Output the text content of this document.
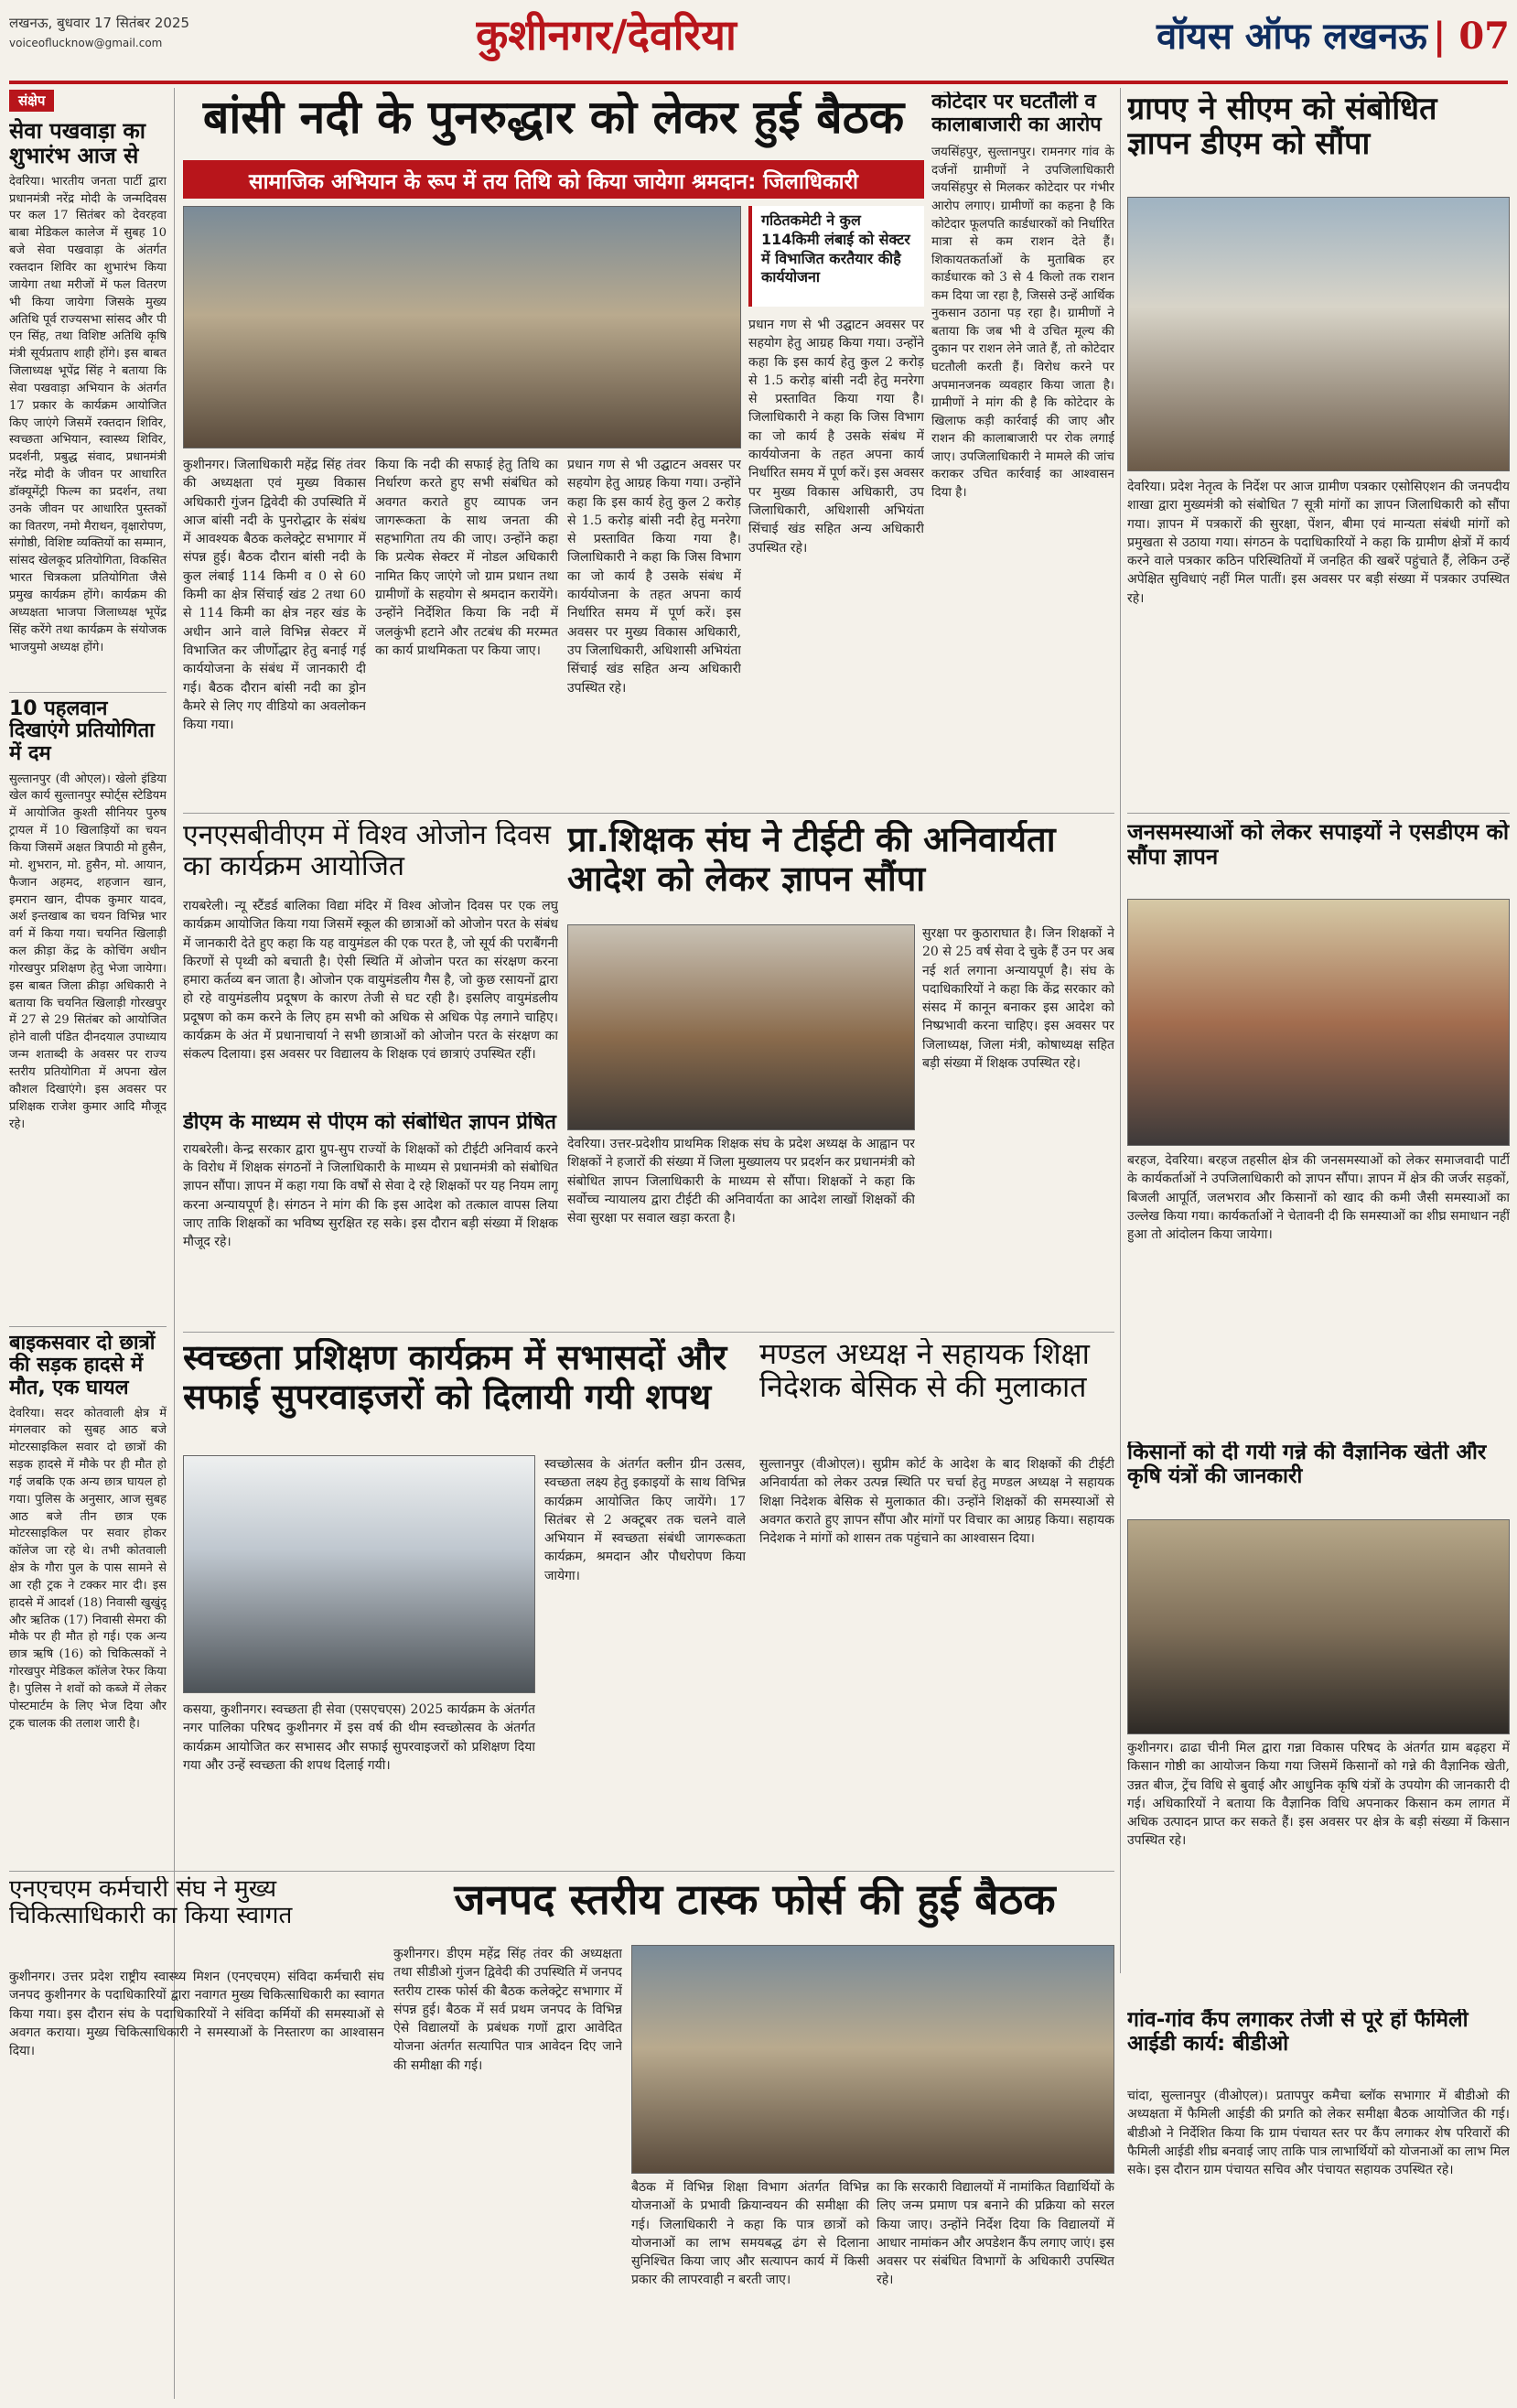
लखनऊ, बुधवार 17 सितंबर 2025
voiceoflucknow@gmail.com	कुशीनगर/देवरिया	वॉयस ऑफ लखनऊ | 07
संक्षेप
सेवा पखवाड़ा का शुभारंभ आज से
देवरिया। भारतीय जनता पार्टी द्वारा प्रधानमंत्री नरेंद्र मोदी के जन्मदिवस पर कल 17 सितंबर को देवरहवा बाबा मेडिकल कालेज में सुबह 10 बजे सेवा पखवाड़ा के अंतर्गत रक्तदान शिविर का शुभारंभ किया जायेगा तथा मरीजों में फल वितरण भी किया जायेगा जिसके मुख्य अतिथि पूर्व राज्यसभा सांसद और पी एन सिंह, तथा विशिष्ट अतिथि कृषि मंत्री सूर्यप्रताप शाही होंगे। इस बाबत जिलाध्यक्ष भूपेंद्र सिंह ने बताया कि सेवा पखवाड़ा अभियान के अंतर्गत 17 प्रकार के कार्यक्रम आयोजित किए जाएंगे जिसमें रक्तदान शिविर, स्वच्छता अभियान, स्वास्थ्य शिविर, प्रदर्शनी, प्रबुद्ध संवाद, प्रधानमंत्री नरेंद्र मोदी के जीवन पर आधारित डॉक्यूमेंट्री फिल्म का प्रदर्शन, तथा उनके जीवन पर आधारित पुस्तकों का वितरण, नमो मैराथन, वृक्षारोपण, संगोष्ठी, विशिष्ट व्यक्तियों का सम्मान, सांसद खेलकूद प्रतियोगिता, विकसित भारत चित्रकला प्रतियोगिता जैसे प्रमुख कार्यक्रम होंगे। कार्यक्रम की अध्यक्षता भाजपा जिलाध्यक्ष भूपेंद्र सिंह करेंगे तथा कार्यक्रम के संयोजक भाजयुमो अध्यक्ष होंगे।
10 पहलवान दिखाएंगे प्रतियोगिता में दम
सुल्तानपुर (वी ओएल)। खेलो इंडिया खेल कार्य सुल्तानपुर स्पोर्ट्स स्टेडियम में आयोजित कुश्ती सीनियर पुरुष ट्रायल में 10 खिलाड़ियों का चयन किया जिसमें अक्षत त्रिपाठी मो हुसैन, मो. शुभरान, मो. हुसैन, मो. आयान, फैजान अहमद, शहजान खान, इमरान खान, दीपक कुमार यादव, अर्श इन्तखाब का चयन विभिन्न भार वर्ग में किया गया। चयनित खिलाड़ी कल क्रीड़ा केंद्र के कोचिंग अधीन गोरखपुर प्रशिक्षण हेतु भेजा जायेगा। इस बाबत जिला क्रीड़ा अधिकारी ने बताया कि चयनित खिलाड़ी गोरखपुर में 27 से 29 सितंबर को आयोजित होने वाली पंडित दीनदयाल उपाध्याय जन्म शताब्दी के अवसर पर राज्य स्तरीय प्रतियोगिता में अपना खेल कौशल दिखाएंगे। इस अवसर पर प्रशिक्षक राजेश कुमार आदि मौजूद रहे।
बाइकसवार दो छात्रों की सड़क हादसे में मौत, एक घायल
देवरिया। सदर कोतवाली क्षेत्र में मंगलवार को सुबह आठ बजे मोटरसाइकिल सवार दो छात्रों की सड़क हादसे में मौके पर ही मौत हो गई जबकि एक अन्य छात्र घायल हो गया। पुलिस के अनुसार, आज सुबह आठ बजे तीन छात्र एक मोटरसाइकिल पर सवार होकर कॉलेज जा रहे थे। तभी कोतवाली क्षेत्र के गौरा पुल के पास सामने से आ रही ट्रक ने टक्कर मार दी। इस हादसे में आदर्श (18) निवासी खुखुंदू और ऋतिक (17) निवासी सेमरा की मौके पर ही मौत हो गई। एक अन्य छात्र ऋषि (16) को चिकित्सकों ने गोरखपुर मेडिकल कॉलेज रेफर किया है। पुलिस ने शवों को कब्जे में लेकर पोस्टमार्टम के लिए भेज दिया और ट्रक चालक की तलाश जारी है।
बांसी नदी के पुनरुद्धार को लेकर हुई बैठक
सामाजिक अभियान के रूप में तय तिथि को किया जायेगा श्रमदान: जिलाधिकारी
गठितकमेटी ने कुल 114किमी लंबाई को सेक्टर में विभाजित करतैयार कीहै कार्ययोजना
कुशीनगर। जिलाधिकारी महेंद्र सिंह तंवर की अध्यक्षता एवं मुख्य विकास अधिकारी गुंजन द्विवेदी की उपस्थिति में आज बांसी नदी के पुनरोद्धार के संबंध में आवश्यक बैठक कलेक्ट्रेट सभागार में संपन्न हुई। बैठक दौरान बांसी नदी के कुल लंबाई 114 किमी व 0 से 60 किमी का क्षेत्र सिंचाई खंड 2 तथा 60 से 114 किमी का क्षेत्र नहर खंड के अधीन आने वाले विभिन्न सेक्टर में विभाजित कर जीर्णोद्धार हेतु बनाई गई कार्ययोजना के संबंध में जानकारी दी गई। बैठक दौरान बांसी नदी का ड्रोन कैमरे से लिए गए वीडियो का अवलोकन किया गया।
किया कि नदी की सफाई हेतु तिथि का निर्धारण करते हुए सभी संबंधित को अवगत कराते हुए व्यापक जन जागरूकता के साथ जनता की सहभागिता तय की जाए। उन्होंने कहा कि प्रत्येक सेक्टर में नोडल अधिकारी नामित किए जाएंगे जो ग्राम प्रधान तथा ग्रामीणों के सहयोग से श्रमदान करायेंगे। उन्होंने निर्देशित किया कि नदी में जलकुंभी हटाने और तटबंध की मरम्मत का कार्य प्राथमिकता पर किया जाए।
प्रधान गण से भी उद्घाटन अवसर पर सहयोग हेतु आग्रह किया गया। उन्होंने कहा कि इस कार्य हेतु कुल 2 करोड़ से 1.5 करोड़ बांसी नदी हेतु मनरेगा से प्रस्तावित किया गया है। जिलाधिकारी ने कहा कि जिस विभाग का जो कार्य है उसके संबंध में कार्ययोजना के तहत अपना कार्य निर्धारित समय में पूर्ण करें। इस अवसर पर मुख्य विकास अधिकारी, उप जिलाधिकारी, अधिशासी अभियंता सिंचाई खंड सहित अन्य अधिकारी उपस्थित रहे।
कोटेदार पर घटतौली व कालाबाजारी का आरोप
जयसिंहपुर, सुल्तानपुर। रामनगर गांव के दर्जनों ग्रामीणों ने उपजिलाधिकारी जयसिंहपुर से मिलकर कोटेदार पर गंभीर आरोप लगाए। ग्रामीणों का कहना है कि कोटेदार फूलपति कार्डधारकों को निर्धारित मात्रा से कम राशन देते हैं। शिकायतकर्ताओं के मुताबिक हर कार्डधारक को 3 से 4 किलो तक राशन कम दिया जा रहा है, जिससे उन्हें आर्थिक नुकसान उठाना पड़ रहा है। ग्रामीणों ने बताया कि जब भी वे उचित मूल्य की दुकान पर राशन लेने जाते हैं, तो कोटेदार घटतौली करती हैं। विरोध करने पर अपमानजनक व्यवहार किया जाता है। ग्रामीणों ने मांग की है कि कोटेदार के खिलाफ कड़ी कार्रवाई की जाए और राशन की कालाबाजारी पर रोक लगाई जाए। उपजिलाधिकारी ने मामले की जांच कराकर उचित कार्रवाई का आश्वासन दिया है।
प्रधान गण से भी उद्घाटन अवसर पर सहयोग हेतु आग्रह किया गया। उन्होंने कहा कि इस कार्य हेतु कुल 2 करोड़ से 1.5 करोड़ बांसी नदी हेतु मनरेगा से प्रस्तावित किया गया है। जिलाधिकारी ने कहा कि जिस विभाग का जो कार्य है उसके संबंध में कार्ययोजना के तहत अपना कार्य निर्धारित समय में पूर्ण करें। इस अवसर पर मुख्य विकास अधिकारी, उप जिलाधिकारी, अधिशासी अभियंता सिंचाई खंड सहित अन्य अधिकारी उपस्थित रहे।
एनएसबीवीएम में विश्व ओजोन दिवस का कार्यक्रम आयोजित
रायबरेली। न्यू स्टैंडर्ड बालिका विद्या मंदिर में विश्व ओजोन दिवस पर एक लघु कार्यक्रम आयोजित किया गया जिसमें स्कूल की छात्राओं को ओजोन परत के संबंध में जानकारी देते हुए कहा कि यह वायुमंडल की एक परत है, जो सूर्य की पराबैंगनी किरणों से पृथ्वी को बचाती है। ऐसी स्थिति में ओजोन परत का संरक्षण करना हमारा कर्तव्य बन जाता है। ओजोन एक वायुमंडलीय गैस है, जो कुछ रसायनों द्वारा हो रहे वायुमंडलीय प्रदूषण के कारण तेजी से घट रही है। इसलिए वायुमंडलीय प्रदूषण को कम करने के लिए हम सभी को अधिक से अधिक पेड़ लगाने चाहिए। कार्यक्रम के अंत में प्रधानाचार्या ने सभी छात्राओं को ओजोन परत के संरक्षण का संकल्प दिलाया। इस अवसर पर विद्यालय के शिक्षक एवं छात्राएं उपस्थित रहीं।
डीएम के माध्यम से पीएम को संबोधित ज्ञापन प्रेषित
रायबरेली। केन्द्र सरकार द्वारा ग्रुप-सुप राज्यों के शिक्षकों को टीईटी अनिवार्य करने के विरोध में शिक्षक संगठनों ने जिलाधिकारी के माध्यम से प्रधानमंत्री को संबोधित ज्ञापन सौंपा। ज्ञापन में कहा गया कि वर्षों से सेवा दे रहे शिक्षकों पर यह नियम लागू करना अन्यायपूर्ण है। संगठन ने मांग की कि इस आदेश को तत्काल वापस लिया जाए ताकि शिक्षकों का भविष्य सुरक्षित रह सके। इस दौरान बड़ी संख्या में शिक्षक मौजूद रहे।
प्रा.शिक्षक संघ ने टीईटी की अनिवार्यता आदेश को लेकर ज्ञापन सौंपा
देवरिया। उत्तर-प्रदेशीय प्राथमिक शिक्षक संघ के प्रदेश अध्यक्ष के आह्वान पर शिक्षकों ने हजारों की संख्या में जिला मुख्यालय पर प्रदर्शन कर प्रधानमंत्री को संबोधित ज्ञापन जिलाधिकारी के माध्यम से सौंपा। शिक्षकों ने कहा कि सर्वोच्च न्यायालय द्वारा टीईटी की अनिवार्यता का आदेश लाखों शिक्षकों की सेवा सुरक्षा पर सवाल खड़ा करता है।
सुरक्षा पर कुठाराघात है। जिन शिक्षकों ने 20 से 25 वर्ष सेवा दे चुके हैं उन पर अब नई शर्त लगाना अन्यायपूर्ण है। संघ के पदाधिकारियों ने कहा कि केंद्र सरकार को संसद में कानून बनाकर इस आदेश को निष्प्रभावी करना चाहिए। इस अवसर पर जिलाध्यक्ष, जिला मंत्री, कोषाध्यक्ष सहित बड़ी संख्या में शिक्षक उपस्थित रहे।
स्वच्छता प्रशिक्षण कार्यक्रम में सभासदों और सफाई सुपरवाइजरों को दिलायी गयी शपथ
कसया, कुशीनगर। स्वच्छता ही सेवा (एसएचएस) 2025 कार्यक्रम के अंतर्गत नगर पालिका परिषद कुशीनगर में इस वर्ष की थीम स्वच्छोत्सव के अंतर्गत कार्यक्रम आयोजित कर सभासद और सफाई सुपरवाइजरों को प्रशिक्षण दिया गया और उन्हें स्वच्छता की शपथ दिलाई गयी।
स्वच्छोत्सव के अंतर्गत क्लीन ग्रीन उत्सव, स्वच्छता लक्ष्य हेतु इकाइयों के साथ विभिन्न कार्यक्रम आयोजित किए जायेंगे। 17 सितंबर से 2 अक्टूबर तक चलने वाले अभियान में स्वच्छता संबंधी जागरूकता कार्यक्रम, श्रमदान और पौधरोपण किया जायेगा।
मण्डल अध्यक्ष ने सहायक शिक्षा निदेशक बेसिक से की मुलाकात
सुल्तानपुर (वीओएल)। सुप्रीम कोर्ट के आदेश के बाद शिक्षकों की टीईटी अनिवार्यता को लेकर उत्पन्न स्थिति पर चर्चा हेतु मण्डल अध्यक्ष ने सहायक शिक्षा निदेशक बेसिक से मुलाकात की। उन्होंने शिक्षकों की समस्याओं से अवगत कराते हुए ज्ञापन सौंपा और मांगों पर विचार का आग्रह किया। सहायक निदेशक ने मांगों को शासन तक पहुंचाने का आश्वासन दिया।
ग्रापए ने सीएम को संबोधित ज्ञापन डीएम को सौंपा
देवरिया। प्रदेश नेतृत्व के निर्देश पर आज ग्रामीण पत्रकार एसोसिएशन की जनपदीय शाखा द्वारा मुख्यमंत्री को संबोधित 7 सूत्री मांगों का ज्ञापन जिलाधिकारी को सौंपा गया। ज्ञापन में पत्रकारों की सुरक्षा, पेंशन, बीमा एवं मान्यता संबंधी मांगों को प्रमुखता से उठाया गया। संगठन के पदाधिकारियों ने कहा कि ग्रामीण क्षेत्रों में कार्य करने वाले पत्रकार कठिन परिस्थितियों में जनहित की खबरें पहुंचाते हैं, लेकिन उन्हें अपेक्षित सुविधाएं नहीं मिल पातीं। इस अवसर पर बड़ी संख्या में पत्रकार उपस्थित रहे।
जनसमस्याओं को लेकर सपाइयों ने एसडीएम को सौंपा ज्ञापन
बरहज, देवरिया। बरहज तहसील क्षेत्र की जनसमस्याओं को लेकर समाजवादी पार्टी के कार्यकर्ताओं ने उपजिलाधिकारी को ज्ञापन सौंपा। ज्ञापन में क्षेत्र की जर्जर सड़कों, बिजली आपूर्ति, जलभराव और किसानों को खाद की कमी जैसी समस्याओं का उल्लेख किया गया। कार्यकर्ताओं ने चेतावनी दी कि समस्याओं का शीघ्र समाधान नहीं हुआ तो आंदोलन किया जायेगा।
किसानों को दी गयी गन्ने की वैज्ञानिक खेती और कृषि यंत्रों की जानकारी
कुशीनगर। ढाढा चीनी मिल द्वारा गन्ना विकास परिषद के अंतर्गत ग्राम बढ़हरा में किसान गोष्ठी का आयोजन किया गया जिसमें किसानों को गन्ने की वैज्ञानिक खेती, उन्नत बीज, ट्रेंच विधि से बुवाई और आधुनिक कृषि यंत्रों के उपयोग की जानकारी दी गई। अधिकारियों ने बताया कि वैज्ञानिक विधि अपनाकर किसान कम लागत में अधिक उत्पादन प्राप्त कर सकते हैं। इस अवसर पर क्षेत्र के बड़ी संख्या में किसान उपस्थित रहे।
गांव-गांव कैंप लगाकर तेजी से पूरे हों फैमिली आईडी कार्य: बीडीओ
चांदा, सुल्तानपुर (वीओएल)। प्रतापपुर कमैचा ब्लॉक सभागार में बीडीओ की अध्यक्षता में फैमिली आईडी की प्रगति को लेकर समीक्षा बैठक आयोजित की गई। बीडीओ ने निर्देशित किया कि ग्राम पंचायत स्तर पर कैंप लगाकर शेष परिवारों की फैमिली आईडी शीघ्र बनवाई जाए ताकि पात्र लाभार्थियों को योजनाओं का लाभ मिल सके। इस दौरान ग्राम पंचायत सचिव और पंचायत सहायक उपस्थित रहे।
एनएचएम कर्मचारी संघ ने मुख्य चिकित्साधिकारी का किया स्वागत
कुशीनगर। उत्तर प्रदेश राष्ट्रीय स्वास्थ्य मिशन (एनएचएम) संविदा कर्मचारी संघ जनपद कुशीनगर के पदाधिकारियों द्वारा नवागत मुख्य चिकित्साधिकारी का स्वागत किया गया। इस दौरान संघ के पदाधिकारियों ने संविदा कर्मियों की समस्याओं से अवगत कराया। मुख्य चिकित्साधिकारी ने समस्याओं के निस्तारण का आश्वासन दिया।
जनपद स्तरीय टास्क फोर्स की हुई बैठक
कुशीनगर। डीएम महेंद्र सिंह तंवर की अध्यक्षता तथा सीडीओ गुंजन द्विवेदी की उपस्थिति में जनपद स्तरीय टास्क फोर्स की बैठक कलेक्ट्रेट सभागार में संपन्न हुई। बैठक में सर्व प्रथम जनपद के विभिन्न ऐसे विद्यालयों के प्रबंधक गणों द्वारा आवेदित योजना अंतर्गत सत्यापित पात्र आवेदन दिए जाने की समीक्षा की गई।
बैठक में विभिन्न शिक्षा विभाग अंतर्गत विभिन्न योजनाओं के प्रभावी क्रियान्वयन की समीक्षा की गई। जिलाधिकारी ने कहा कि पात्र छात्रों को योजनाओं का लाभ समयबद्ध ढंग से दिलाना सुनिश्चित किया जाए और सत्यापन कार्य में किसी प्रकार की लापरवाही न बरती जाए।
का कि सरकारी विद्यालयों में नामांकित विद्यार्थियों के लिए जन्म प्रमाण पत्र बनाने की प्रक्रिया को सरल किया जाए। उन्होंने निर्देश दिया कि विद्यालयों में आधार नामांकन और अपडेशन कैंप लगाए जाएं। इस अवसर पर संबंधित विभागों के अधिकारी उपस्थित रहे।
